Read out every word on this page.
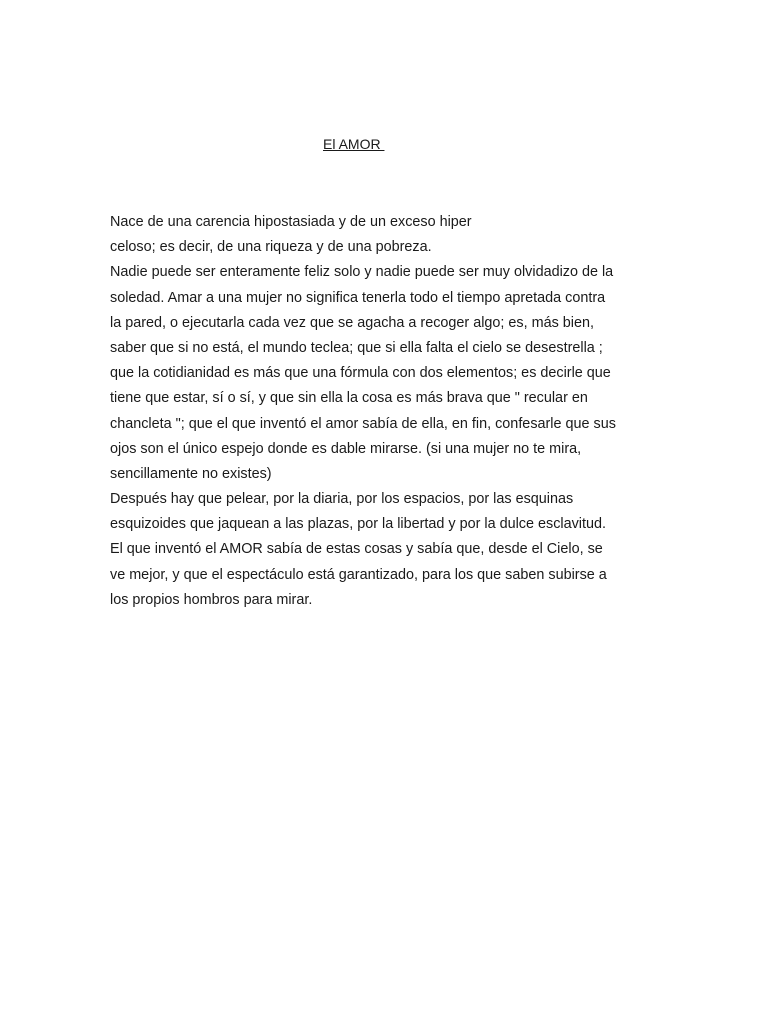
El AMOR
Nace de una carencia hipostasiada y de un exceso hiper
celoso; es decir, de una riqueza y de una pobreza.
Nadie puede ser enteramente feliz solo y nadie puede ser muy olvidadizo de la
soledad. Amar a una mujer no significa tenerla todo el tiempo apretada contra
la pared, o ejecutarla cada vez que se agacha a recoger algo; es, más bien,
saber que si no está, el mundo teclea; que si ella falta el cielo se desestrella ;
que la cotidianidad es más que una fórmula con dos elementos; es decirle que
tiene que estar, sí o sí, y que sin ella la cosa es más brava que " recular en
chancleta "; que el que inventó el amor sabía de ella, en fin, confesarle que sus
ojos son el único espejo donde es dable mirarse. (si una mujer no te mira,
sencillamente no existes)
Después hay que pelear, por la diaria, por los espacios, por las esquinas
esquizoides que jaquean a las plazas, por la libertad y por la dulce esclavitud.
El que inventó el AMOR sabía de estas cosas y sabía que, desde el Cielo, se
ve mejor, y que el espectáculo está garantizado, para los que saben subirse a
los propios hombros para mirar.
